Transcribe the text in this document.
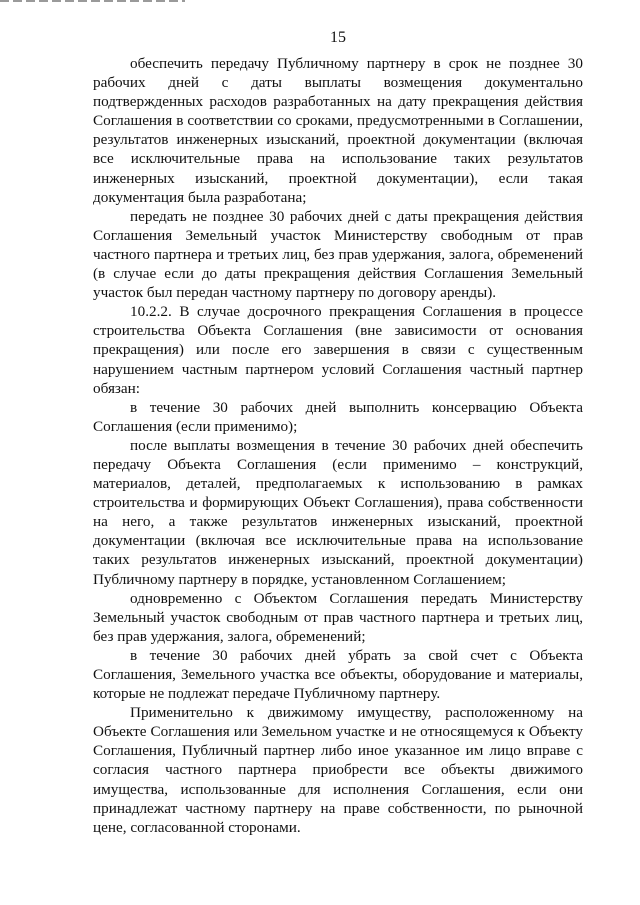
15

обеспечить передачу Публичному партнеру в срок не позднее 30 рабочих дней с даты выплаты возмещения документально подтвержденных расходов разработанных на дату прекращения действия Соглашения в соответствии со сроками, предусмотренными в Соглашении, результатов инженерных изысканий, проектной документации (включая все исключительные права на использование таких результатов инженерных изысканий, проектной документации), если такая документация была разработана;

передать не позднее 30 рабочих дней с даты прекращения действия Соглашения Земельный участок Министерству свободным от прав частного партнера и третьих лиц, без прав удержания, залога, обременений (в случае если до даты прекращения действия Соглашения Земельный участок был передан частному партнеру по договору аренды).

10.2.2. В случае досрочного прекращения Соглашения в процессе строительства Объекта Соглашения (вне зависимости от основания прекращения) или после его завершения в связи с существенным нарушением частным партнером условий Соглашения частный партнер обязан:

в течение 30 рабочих дней выполнить консервацию Объекта Соглашения (если применимо);

после выплаты возмещения в течение 30 рабочих дней обеспечить передачу Объекта Соглашения (если применимо – конструкций, материалов, деталей, предполагаемых к использованию в рамках строительства и формирующих Объект Соглашения), права собственности на него, а также результатов инженерных изысканий, проектной документации (включая все исключительные права на использование таких результатов инженерных изысканий, проектной документации) Публичному партнеру в порядке, установленном Соглашением;

одновременно с Объектом Соглашения передать Министерству Земельный участок свободным от прав частного партнера и третьих лиц, без прав удержания, залога, обременений;

в течение 30 рабочих дней убрать за свой счет с Объекта Соглашения, Земельного участка все объекты, оборудование и материалы, которые не подлежат передаче Публичному партнеру.

Применительно к движимому имуществу, расположенному на Объекте Соглашения или Земельном участке и не относящемуся к Объекту Соглашения, Публичный партнер либо иное указанное им лицо вправе с согласия частного партнера приобрести все объекты движимого имущества, использованные для исполнения Соглашения, если они принадлежат частному партнеру на праве собственности, по рыночной цене, согласованной сторонами.
